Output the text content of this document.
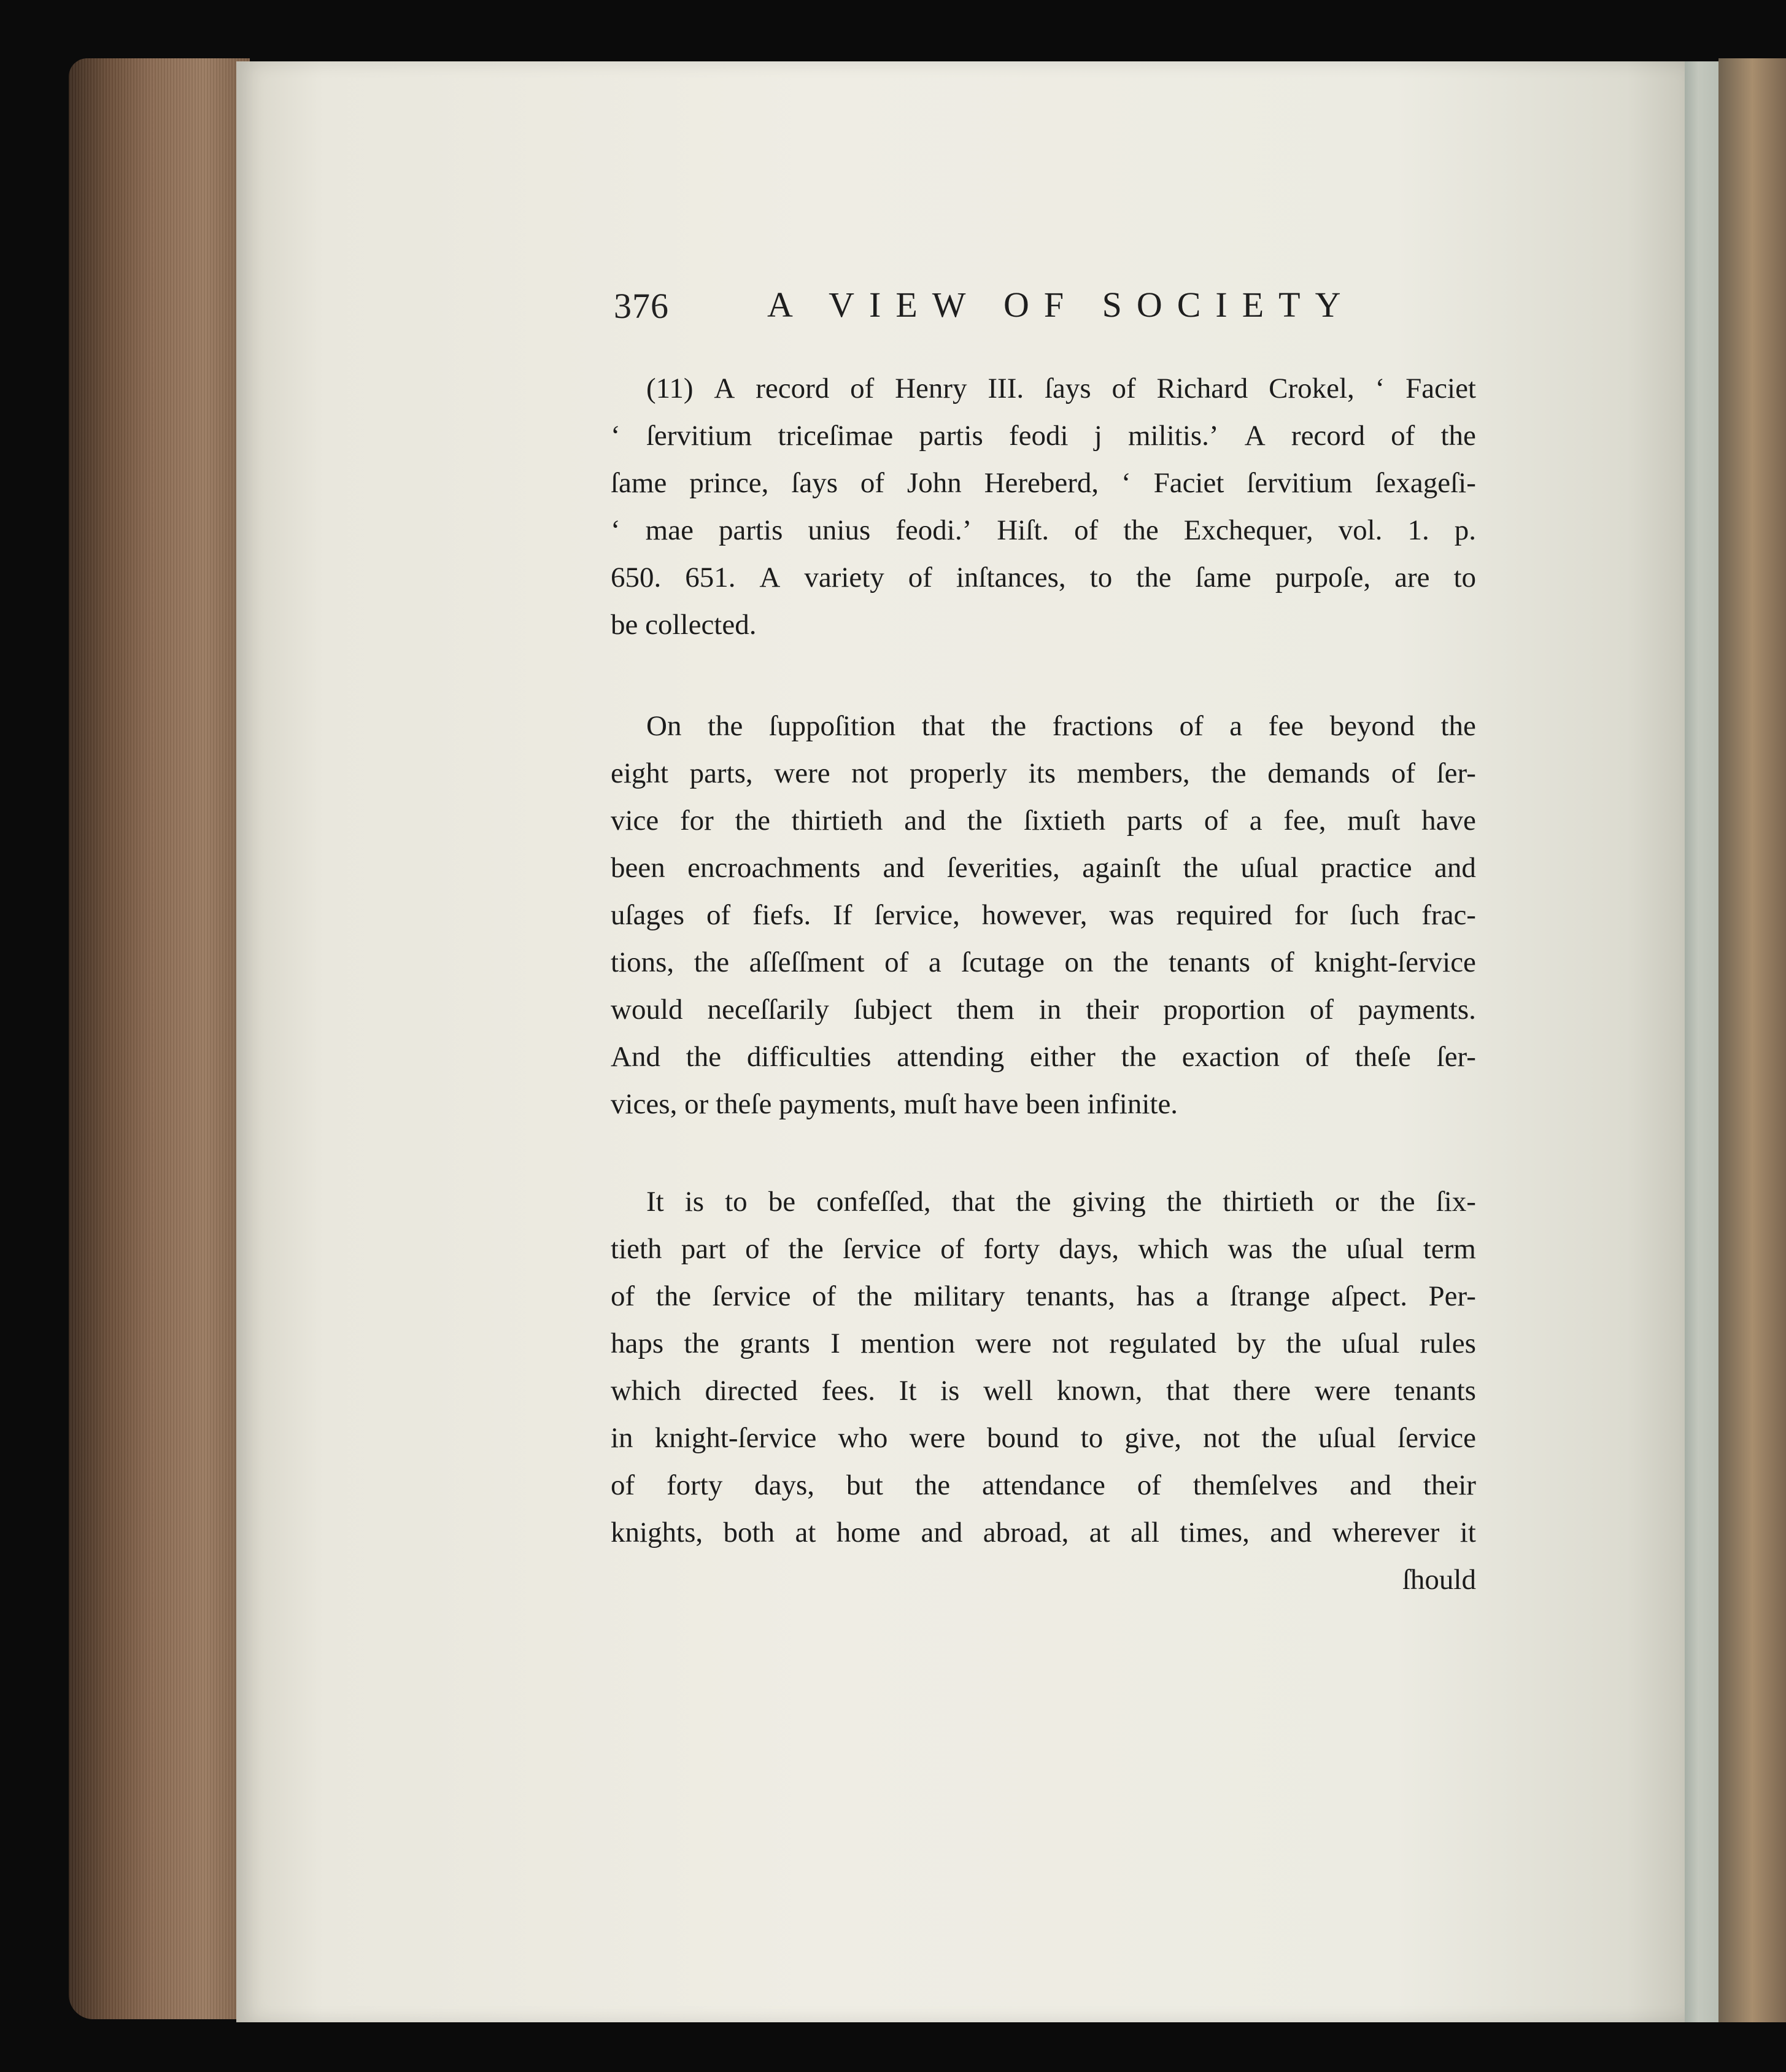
376	A VIEW OF SOCIETY
(11) A record of Henry III. ſays of Richard Crokel, ‘ Faciet
‘ ſervitium triceſimae partis feodi j militis.’ A record of the
ſame prince, ſays of John Hereberd, ‘ Faciet ſervitium ſexageſi-
‘ mae partis unius feodi.’ Hiſt. of the Exchequer, vol. 1. p.
650. 651. A variety of inſtances, to the ſame purpoſe, are to
be collected.
On the ſuppoſition that the fractions of a fee beyond the
eight parts, were not properly its members, the demands of ſer-
vice for the thirtieth and the ſixtieth parts of a fee, muſt have
been encroachments and ſeverities, againſt the uſual practice and
uſages of fiefs. If ſervice, however, was required for ſuch frac-
tions, the aſſeſſment of a ſcutage on the tenants of knight-ſervice
would neceſſarily ſubject them in their proportion of payments.
And the difficulties attending either the exaction of theſe ſer-
vices, or theſe payments, muſt have been infinite.
It is to be confeſſed, that the giving the thirtieth or the ſix-
tieth part of the ſervice of forty days, which was the uſual term
of the ſervice of the military tenants, has a ſtrange aſpect. Per-
haps the grants I mention were not regulated by the uſual rules
which directed fees. It is well known, that there were tenants
in knight-ſervice who were bound to give, not the uſual ſervice
of forty days, but the attendance of themſelves and their
knights, both at home and abroad, at all times, and wherever it
ſhould
